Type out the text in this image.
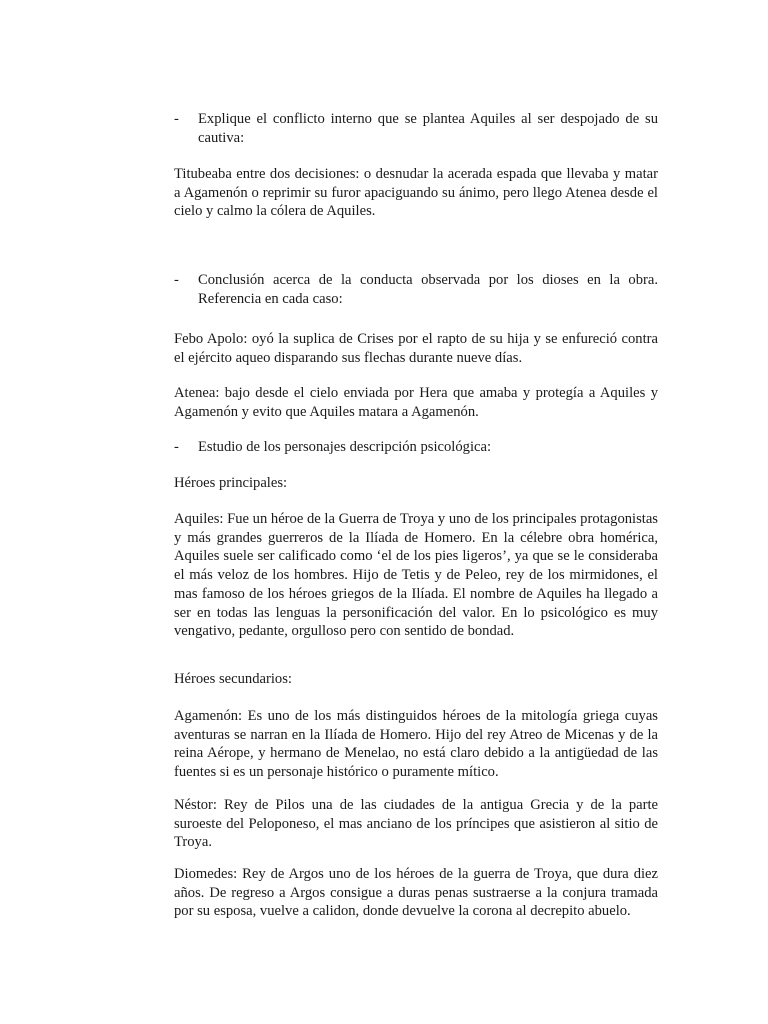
-	Explique el conflicto interno que se plantea Aquiles al ser despojado de su cautiva:
Titubeaba entre dos decisiones: o desnudar la acerada espada que llevaba y matar a Agamenón o reprimir su furor apaciguando su ánimo, pero llego Atenea desde el cielo y calmo la cólera de Aquiles.
-	Conclusión acerca de la conducta observada por los dioses en la obra. Referencia en cada caso:
Febo Apolo: oyó la suplica de Crises por el rapto de su hija y se enfureció contra el ejército aqueo disparando sus flechas durante nueve días.
Atenea: bajo desde el cielo enviada por Hera que amaba y protegía a Aquiles y Agamenón y evito que Aquiles matara a Agamenón.
-	Estudio de los personajes descripción psicológica:
Héroes principales:
Aquiles: Fue un héroe de la Guerra de Troya y uno de los principales protagonistas y más grandes guerreros de la Ilíada de Homero. En la célebre obra homérica, Aquiles suele ser calificado como ‘el de los pies ligeros’, ya que se le consideraba el más veloz de los hombres. Hijo de Tetis y de Peleo, rey de los mirmidones, el mas famoso de los héroes griegos de la Ilíada. El nombre de Aquiles ha llegado a ser en todas las lenguas la personificación del valor. En lo psicológico es muy vengativo, pedante, orgulloso pero con sentido de bondad.
Héroes secundarios:
Agamenón: Es uno de los más distinguidos héroes de la mitología griega cuyas aventuras se narran en la Ilíada de Homero. Hijo del rey Atreo de Micenas y de la reina Aérope, y hermano de Menelao, no está claro debido a la antigüedad de las fuentes si es un personaje histórico o puramente mítico.
Néstor: Rey de Pilos una de las ciudades de la antigua Grecia y de la parte suroeste del Peloponeso, el mas anciano de los príncipes que asistieron al sitio de Troya.
Diomedes: Rey de Argos uno de los héroes de la guerra de Troya, que dura diez años. De regreso a Argos consigue a duras penas sustraerse a la conjura tramada por su esposa, vuelve a calidon, donde devuelve la corona al decrepito abuelo.
